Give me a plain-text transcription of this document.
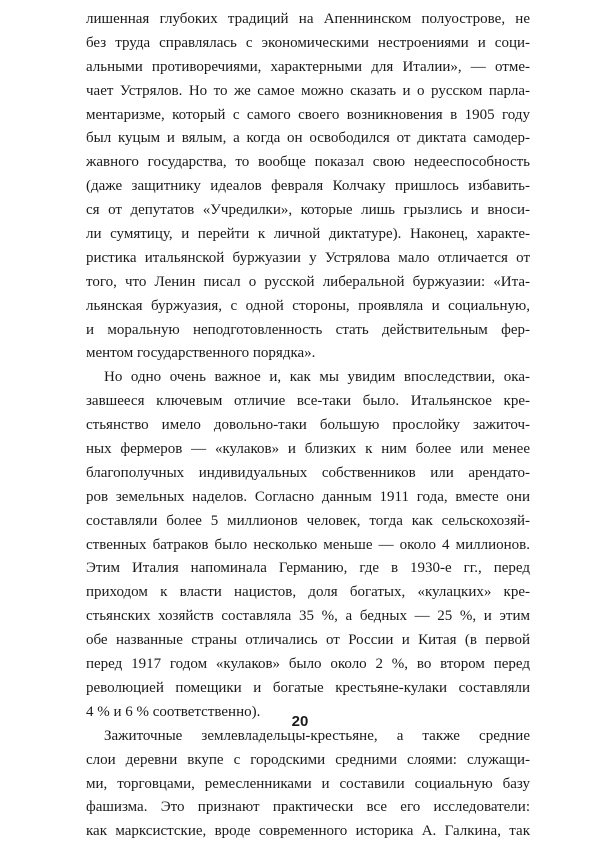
лишенная глубоких традиций на Апеннинском полуострове, не
без труда справлялась с экономическими нестроениями и соци-
альными противоречиями, характерными для Италии», — отме-
чает Устрялов. Но то же самое можно сказать и о русском парла-
ментаризме, который с самого своего возникновения в 1905 году
был куцым и вялым, а когда он освободился от диктата самодер-
жавного государства, то вообще показал свою недееспособность
(даже защитнику идеалов февраля Колчаку пришлось избавить-
ся от депутатов «Учредилки», которые лишь грызлись и вноси-
ли сумятицу, и перейти к личной диктатуре). Наконец, характе-
ристика итальянской буржуазии у Устрялова мало отличается от
того, что Ленин писал о русской либеральной буржуазии: «Ита-
льянская буржуазия, с одной стороны, проявляла и социальную,
и моральную неподготовленность стать действительным фер-
ментом государственного порядка».
Но одно очень важное и, как мы увидим впоследствии, ока-
завшееся ключевым отличие все-таки было. Итальянское кре-
стьянство имело довольно-таки большую прослойку зажиточ-
ных фермеров — «кулаков» и близких к ним более или менее
благополучных индивидуальных собственников или арендато-
ров земельных наделов. Согласно данным 1911 года, вместе они
составляли более 5 миллионов человек, тогда как сельскохозяй-
ственных батраков было несколько меньше — около 4 миллионов.
Этим Италия напоминала Германию, где в 1930-е гг., перед
приходом к власти нацистов, доля богатых, «кулацких» кре-
стьянских хозяйств составляла 35 %, а бедных — 25 %, и этим
обе названные страны отличались от России и Китая (в первой
перед 1917 годом «кулаков» было около 2 %, во втором перед
революцией помещики и богатые крестьяне-кулаки составляли
4 % и 6 % соответственно).
Зажиточные землевладельцы-крестьяне, а также средние
слои деревни вкупе с городскими средними слоями: служащи-
ми, торговцами, ремесленниками и составили социальную базу
фашизма. Это признают практически все его исследователи:
как марксистские, вроде современного историка А. Галкина, так
20
